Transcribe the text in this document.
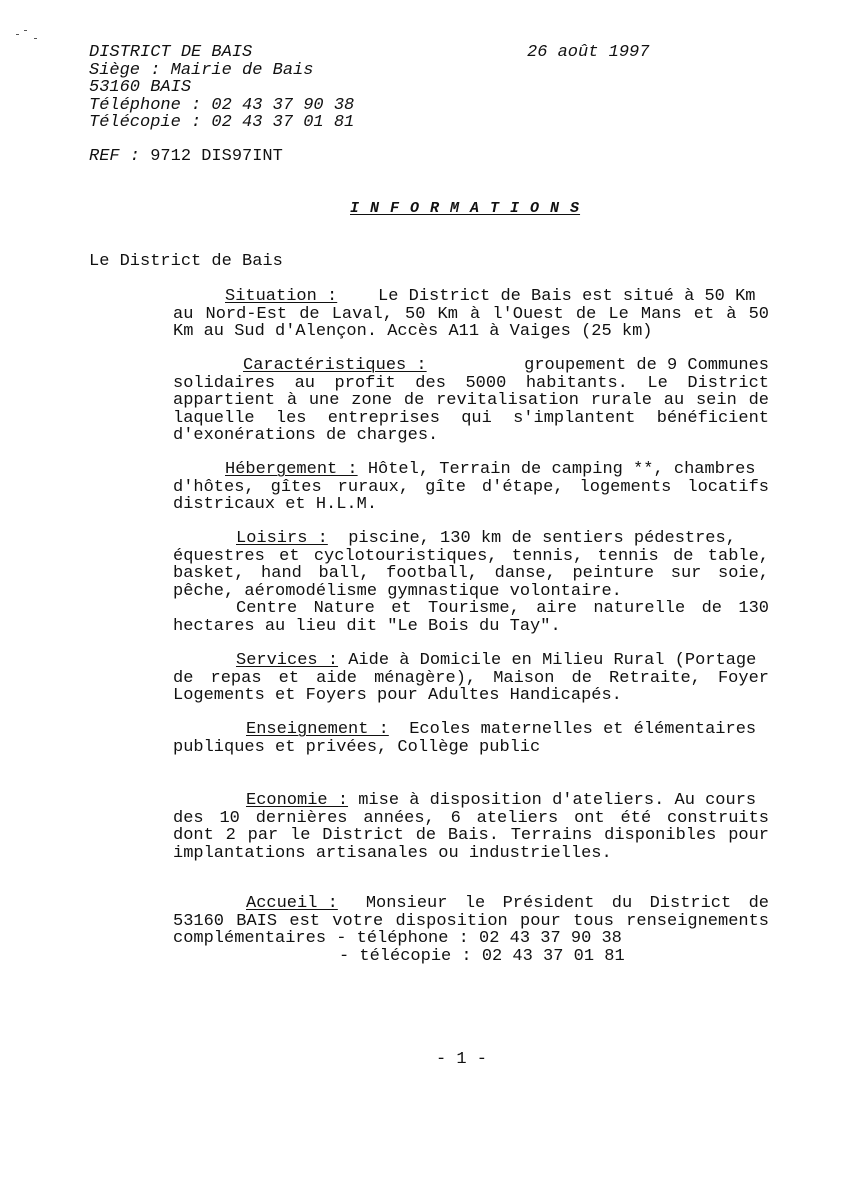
DISTRICT DE BAIS
Siège : Mairie de Bais
53160 BAIS
Téléphone : 02 43 37 90 38
Télécopie : 02 43 37 01 81
26 août 1997
REF : 9712 DIS97INT
I N F O R M A T I O N S
Le District de Bais
Situation : Le District de Bais est situé à 50 Km
au Nord-Est de Laval, 50 Km à l'Ouest de Le Mans et à 50
Km au Sud d'Alençon. Accès A11 à Vaiges (25 km)
Caractéristiques :	groupement de 9 Communes
solidaires au profit des 5000 habitants. Le District
appartient à une zone de revitalisation rurale au sein de
laquelle les entreprises qui s'implantent bénéficient
d'exonérations de charges.
Hébergement : Hôtel, Terrain de camping **, chambres
d'hôtes, gîtes ruraux, gîte d'étape, logements locatifs
districaux et H.L.M.
Loisirs : piscine, 130 km de sentiers pédestres,
équestres et cyclotouristiques, tennis, tennis de table,
basket, hand ball, football, danse, peinture sur soie,
pêche, aéromodélisme gymnastique volontaire.
Centre Nature et Tourisme, aire naturelle de 130
hectares au lieu dit "Le Bois du Tay".
Services : Aide à Domicile en Milieu Rural (Portage
de repas et aide ménagère), Maison de Retraite, Foyer
Logements et Foyers pour Adultes Handicapés.
Enseignement : Ecoles maternelles et élémentaires
publiques et privées, Collège public
Economie : mise à disposition d'ateliers. Au cours
des 10 dernières années, 6 ateliers ont été construits
dont 2 par le District de Bais. Terrains disponibles pour
implantations artisanales ou industrielles.
Accueil : Monsieur le Président du District de
53160 BAIS est votre disposition pour tous renseignements
complémentaires - téléphone : 02 43 37 90 38
- télécopie : 02 43 37 01 81
- 1 -
